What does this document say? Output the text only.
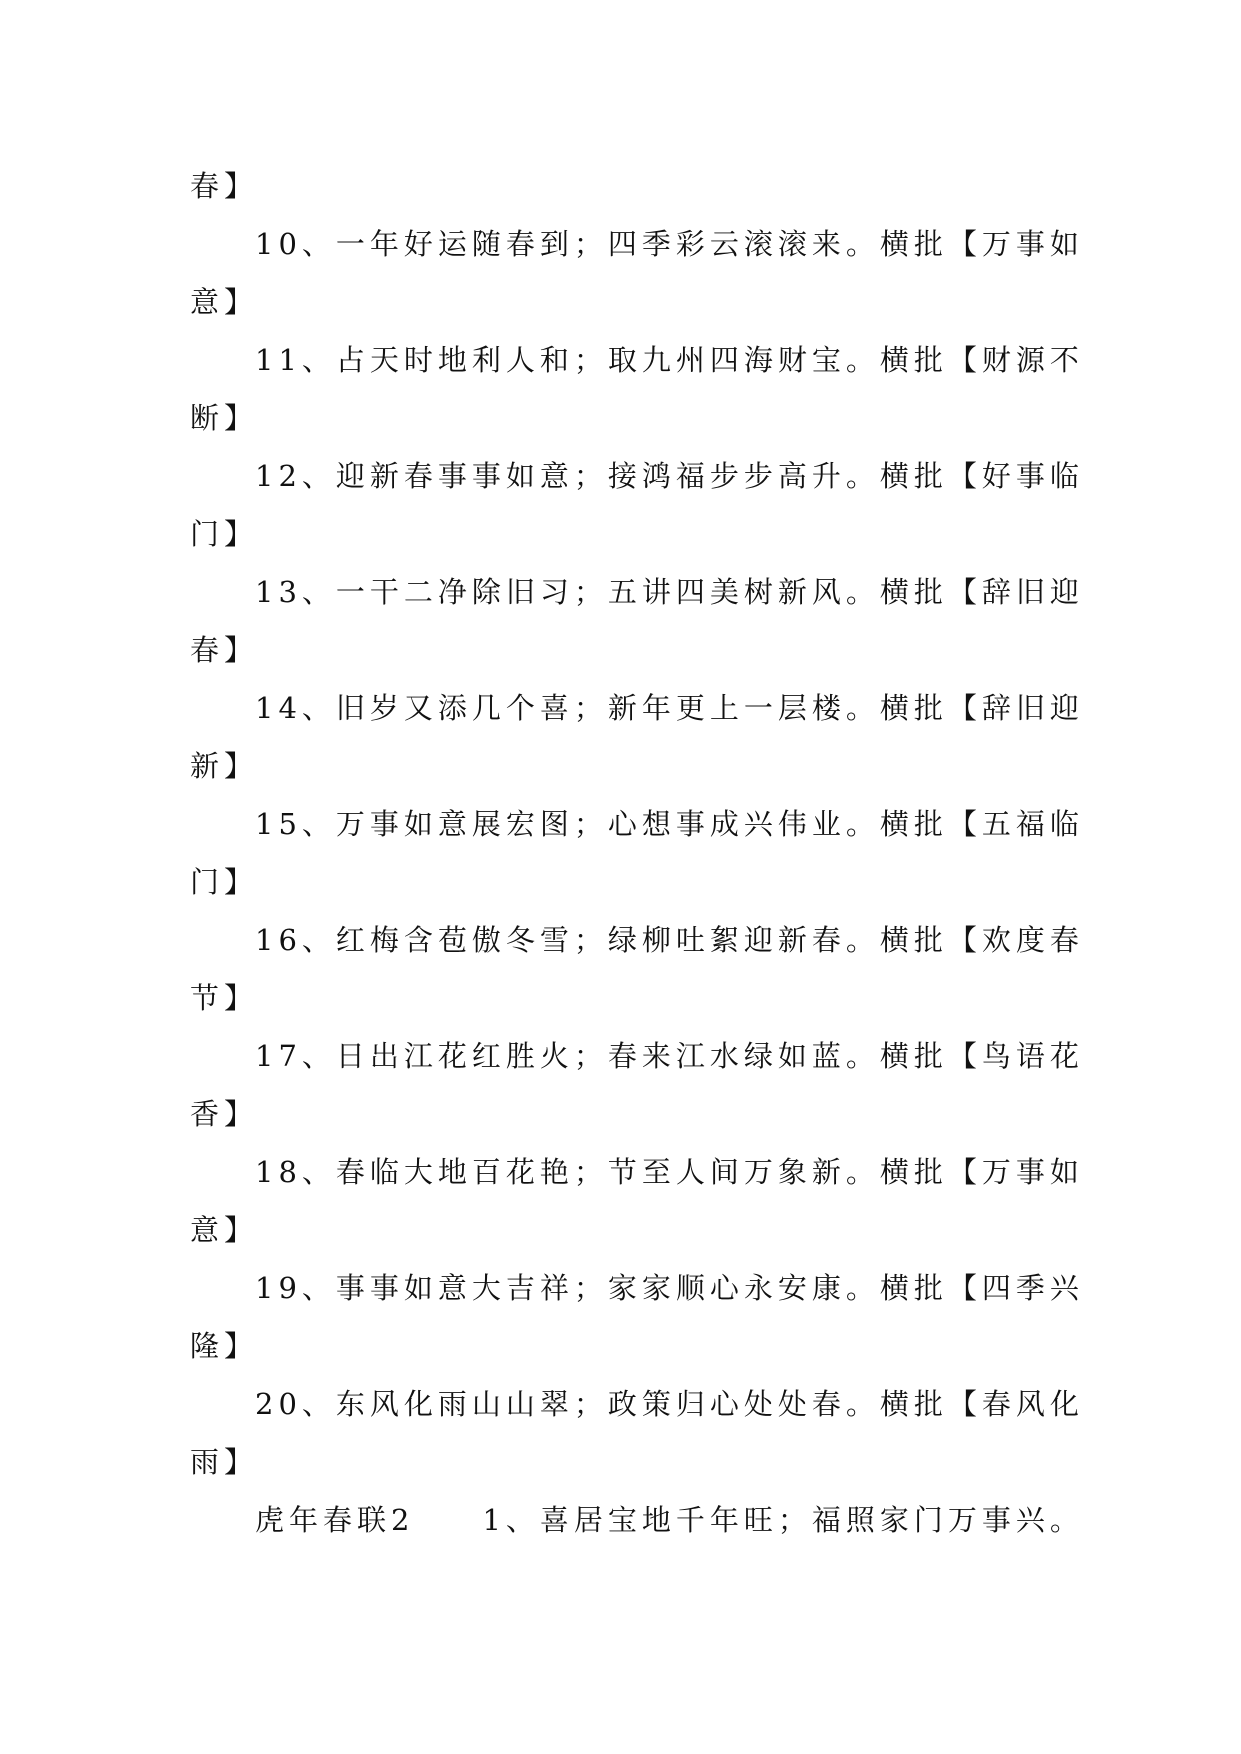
春】
10、一年好运随春到；四季彩云滚滚来。横批【万事如
意】
11、占天时地利人和；取九州四海财宝。横批【财源不
断】
12、迎新春事事如意；接鸿福步步高升。横批【好事临
门】
13、一干二净除旧习；五讲四美树新风。横批【辞旧迎
春】
14、旧岁又添几个喜；新年更上一层楼。横批【辞旧迎
新】
15、万事如意展宏图；心想事成兴伟业。横批【五福临
门】
16、红梅含苞傲冬雪；绿柳吐絮迎新春。横批【欢度春
节】
17、日出江花红胜火；春来江水绿如蓝。横批【鸟语花
香】
18、春临大地百花艳；节至人间万象新。横批【万事如
意】
19、事事如意大吉祥；家家顺心永安康。横批【四季兴
隆】
20、东风化雨山山翠；政策归心处处春。横批【春风化
雨】
虎年春联2　　1、喜居宝地千年旺；福照家门万事兴。
